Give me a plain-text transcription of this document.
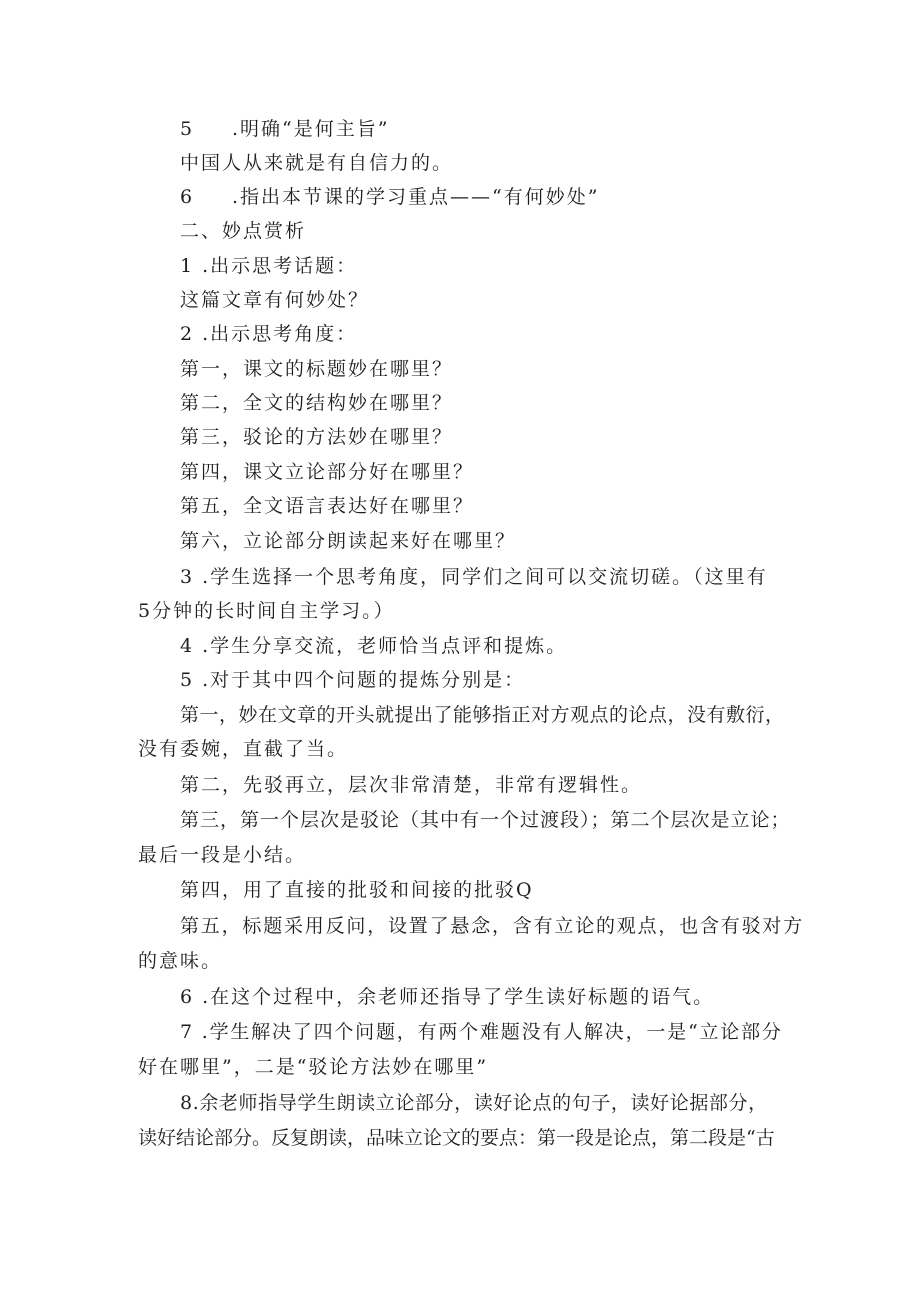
5 .明确“是何主旨”
中国人从来就是有自信力的。
6 .指出本节课的学习重点——“有何妙处”
二、妙点赏析
1 .出示思考话题：
这篇文章有何妙处？
2 .出示思考角度：
第一，课文的标题妙在哪里？
第二，全文的结构妙在哪里？
第三，驳论的方法妙在哪里？
第四，课文立论部分好在哪里？
第五，全文语言表达好在哪里？
第六，立论部分朗读起来好在哪里？
3 .学生选择一个思考角度，同学们之间可以交流切磋。（这里有
5分钟的长时间自主学习。）
4 .学生分享交流，老师恰当点评和提炼。
5 .对于其中四个问题的提炼分别是：
第一，妙在文章的开头就提出了能够指正对方观点的论点，没有敷衍，
没有委婉，直截了当。
第二，先驳再立，层次非常清楚，非常有逻辑性。
第三，第一个层次是驳论（其中有一个过渡段）；第二个层次是立论；
最后一段是小结。
第四，用了直接的批驳和间接的批驳Q
第五，标题采用反问，设置了悬念，含有立论的观点，也含有驳对方
的意味。
6 .在这个过程中，余老师还指导了学生读好标题的语气。
7 .学生解决了四个问题，有两个难题没有人解决，一是“立论部分
好在哪里”，二是“驳论方法妙在哪里”
8.余老师指导学生朗读立论部分，读好论点的句子，读好论据部分，
读好结论部分。反复朗读，品味立论文的要点：第一段是论点，第二段是“古
